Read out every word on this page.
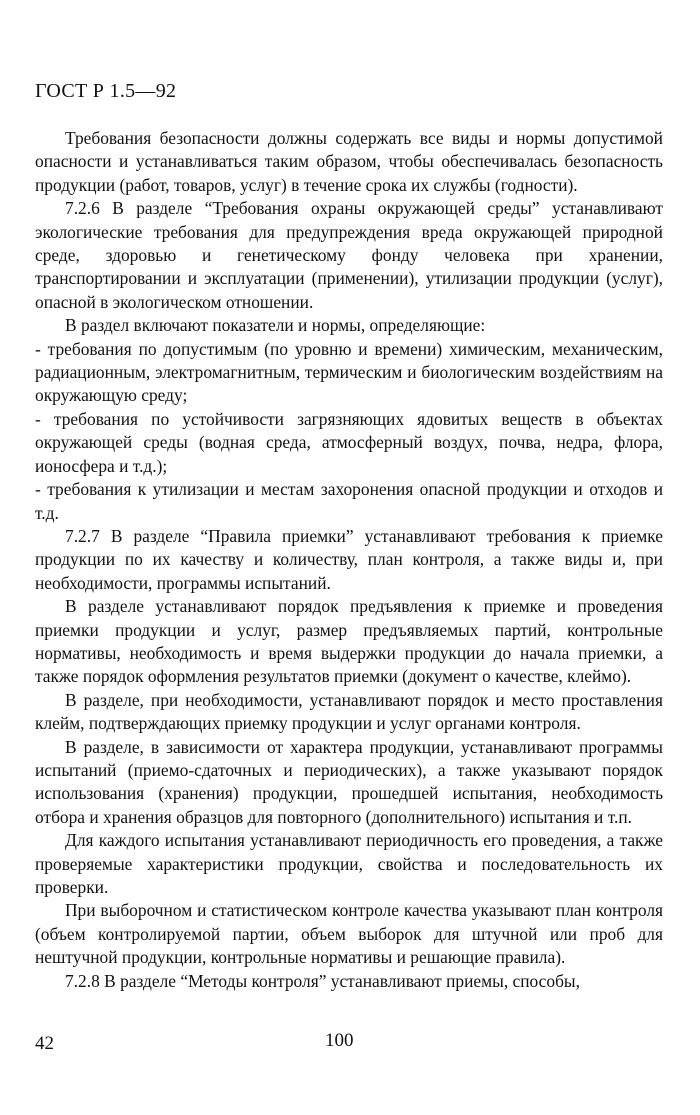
ГОСТ Р 1.5—92

Требования безопасности должны содержать все виды и нормы допустимой опасности и устанавливаться таким образом, чтобы обеспечивалась безопасность продукции (работ, товаров, услуг) в течение срока их службы (годности).

7.2.6 В разделе “Требования охраны окружающей среды” устанавливают экологические требования для предупреждения вреда окружающей природной среде, здоровью и генетическому фонду человека при хранении, транспортировании и эксплуатации (применении), утилизации продукции (услуг), опасной в экологическом отношении.

В раздел включают показатели и нормы, определяющие:

- требования по допустимым (по уровню и времени) химическим, механическим, радиационным, электромагнитным, термическим и биологическим воздействиям на окружающую среду;

- требования по устойчивости загрязняющих ядовитых веществ в объектах окружающей среды (водная среда, атмосферный воздух, почва, недра, флора, ионосфера и т.д.);

- требования к утилизации и местам захоронения опасной продукции и отходов и т.д.

7.2.7 В разделе “Правила приемки” устанавливают требования к приемке продукции по их качеству и количеству, план контроля, а также виды и, при необходимости, программы испытаний.

В разделе устанавливают порядок предъявления к приемке и проведения приемки продукции и услуг, размер предъявляемых партий, контрольные нормативы, необходимость и время выдержки продукции до начала приемки, а также порядок оформления результатов приемки (документ о качестве, клеймо).

В разделе, при необходимости, устанавливают порядок и место проставления клейм, подтверждающих приемку продукции и услуг органами контроля.

В разделе, в зависимости от характера продукции, устанавливают программы испытаний (приемо-сдаточных и периодических), а также указывают порядок использования (хранения) продукции, прошедшей испытания, необходимость отбора и хранения образцов для повторного (дополнительного) испытания и т.п.

Для каждого испытания устанавливают периодичность его проведения, а также проверяемые характеристики продукции, свойства и последовательность их проверки.

При выборочном и статистическом контроле качества указывают план контроля (объем контролируемой партии, объем выборок для штучной или проб для нештучной продукции, контрольные нормативы и решающие правила).

7.2.8 В разделе “Методы контроля” устанавливают приемы, способы,

42	100
